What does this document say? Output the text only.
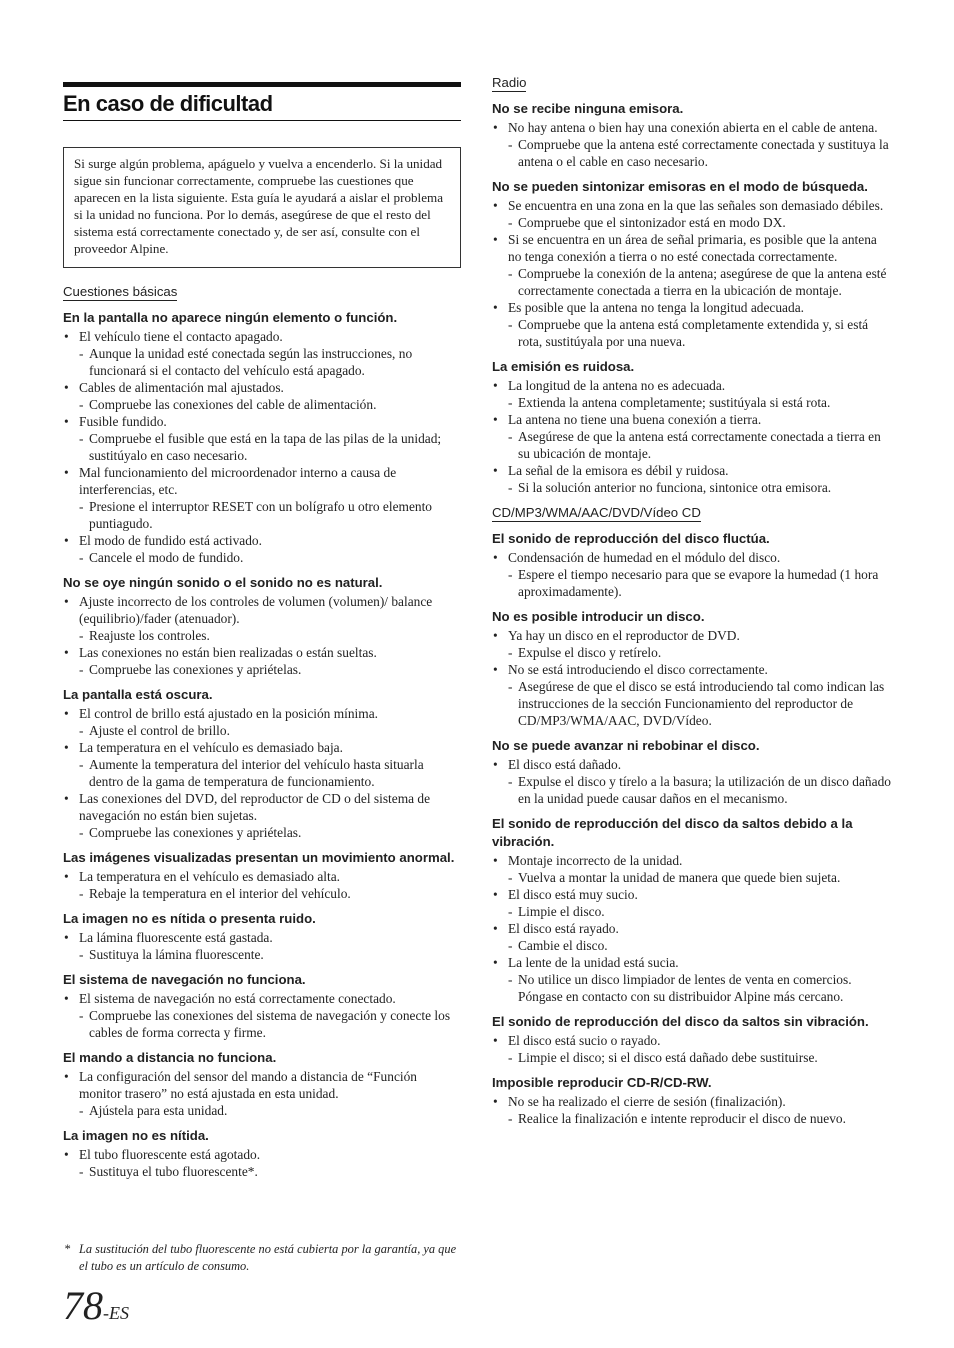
En caso de dificultad
Si surge algún problema, apáguelo y vuelva a encenderlo. Si la unidad sigue sin funcionar correctamente, compruebe las cuestiones que aparecen en la lista siguiente. Esta guía le ayudará a aislar el problema si la unidad no funciona. Por lo demás, asegúrese de que el resto del sistema está correctamente conectado y, de ser así, consulte con el proveedor Alpine.
Cuestiones básicas
En la pantalla no aparece ningún elemento o función.
• El vehículo tiene el contacto apagado.
- Aunque la unidad esté conectada según las instrucciones, no funcionará si el contacto del vehículo está apagado.
• Cables de alimentación mal ajustados.
- Compruebe las conexiones del cable de alimentación.
• Fusible fundido.
- Compruebe el fusible que está en la tapa de las pilas de la unidad; sustitúyalo en caso necesario.
• Mal funcionamiento del microordenador interno a causa de interferencias, etc.
- Presione el interruptor RESET con un bolígrafo u otro elemento puntiagudo.
• El modo de fundido está activado.
- Cancele el modo de fundido.
No se oye ningún sonido o el sonido no es natural.
• Ajuste incorrecto de los controles de volumen (volumen)/ balance (equilibrio)/fader (atenuador).
- Reajuste los controles.
• Las conexiones no están bien realizadas o están sueltas.
- Compruebe las conexiones y apriételas.
La pantalla está oscura.
• El control de brillo está ajustado en la posición mínima.
- Ajuste el control de brillo.
• La temperatura en el vehículo es demasiado baja.
- Aumente la temperatura del interior del vehículo hasta situarla dentro de la gama de temperatura de funcionamiento.
• Las conexiones del DVD, del reproductor de CD o del sistema de navegación no están bien sujetas.
- Compruebe las conexiones y apriételas.
Las imágenes visualizadas presentan un movimiento anormal.
• La temperatura en el vehículo es demasiado alta.
- Rebaje la temperatura en el interior del vehículo.
La imagen no es nítida o presenta ruido.
• La lámina fluorescente está gastada.
- Sustituya la lámina fluorescente.
El sistema de navegación no funciona.
• El sistema de navegación no está correctamente conectado.
- Compruebe las conexiones del sistema de navegación y conecte los cables de forma correcta y firme.
El mando a distancia no funciona.
• La configuración del sensor del mando a distancia de “Función monitor trasero” no está ajustada en esta unidad.
- Ajústela para esta unidad.
La imagen no es nítida.
• El tubo fluorescente está agotado.
- Sustituya el tubo fluorescente*.
Radio
No se recibe ninguna emisora.
• No hay antena o bien hay una conexión abierta en el cable de antena.
- Compruebe que la antena esté correctamente conectada y sustituya la antena o el cable en caso necesario.
No se pueden sintonizar emisoras en el modo de búsqueda.
• Se encuentra en una zona en la que las señales son demasiado débiles.
- Compruebe que el sintonizador está en modo DX.
• Si se encuentra en un área de señal primaria, es posible que la antena no tenga conexión a tierra o no esté conectada correctamente.
- Compruebe la conexión de la antena; asegúrese de que la antena esté correctamente conectada a tierra en la ubicación de montaje.
• Es posible que la antena no tenga la longitud adecuada.
- Compruebe que la antena está completamente extendida y, si está rota, sustitúyala por una nueva.
La emisión es ruidosa.
• La longitud de la antena no es adecuada.
- Extienda la antena completamente; sustitúyala si está rota.
• La antena no tiene una buena conexión a tierra.
- Asegúrese de que la antena está correctamente conectada a tierra en su ubicación de montaje.
• La señal de la emisora es débil y ruidosa.
- Si la solución anterior no funciona, sintonice otra emisora.
CD/MP3/WMA/AAC/DVD/Vídeo CD
El sonido de reproducción del disco fluctúa.
• Condensación de humedad en el módulo del disco.
- Espere el tiempo necesario para que se evapore la humedad (1 hora aproximadamente).
No es posible introducir un disco.
• Ya hay un disco en el reproductor de DVD.
- Expulse el disco y retírelo.
• No se está introduciendo el disco correctamente.
- Asegúrese de que el disco se está introduciendo tal como indican las instrucciones de la sección Funcionamiento del reproductor de CD/MP3/WMA/AAC, DVD/Vídeo.
No se puede avanzar ni rebobinar el disco.
• El disco está dañado.
- Expulse el disco y tírelo a la basura; la utilización de un disco dañado en la unidad puede causar daños en el mecanismo.
El sonido de reproducción del disco da saltos debido a la vibración.
• Montaje incorrecto de la unidad.
- Vuelva a montar la unidad de manera que quede bien sujeta.
• El disco está muy sucio.
- Limpie el disco.
• El disco está rayado.
- Cambie el disco.
• La lente de la unidad está sucia.
- No utilice un disco limpiador de lentes de venta en comercios. Póngase en contacto con su distribuidor Alpine más cercano.
El sonido de reproducción del disco da saltos sin vibración.
• El disco está sucio o rayado.
- Limpie el disco; si el disco está dañado debe sustituirse.
Imposible reproducir CD-R/CD-RW.
• No se ha realizado el cierre de sesión (finalización).
- Realice la finalización e intente reproducir el disco de nuevo.
* La sustitución del tubo fluorescente no está cubierta por la garantía, ya que el tubo es un artículo de consumo.
78-ES
